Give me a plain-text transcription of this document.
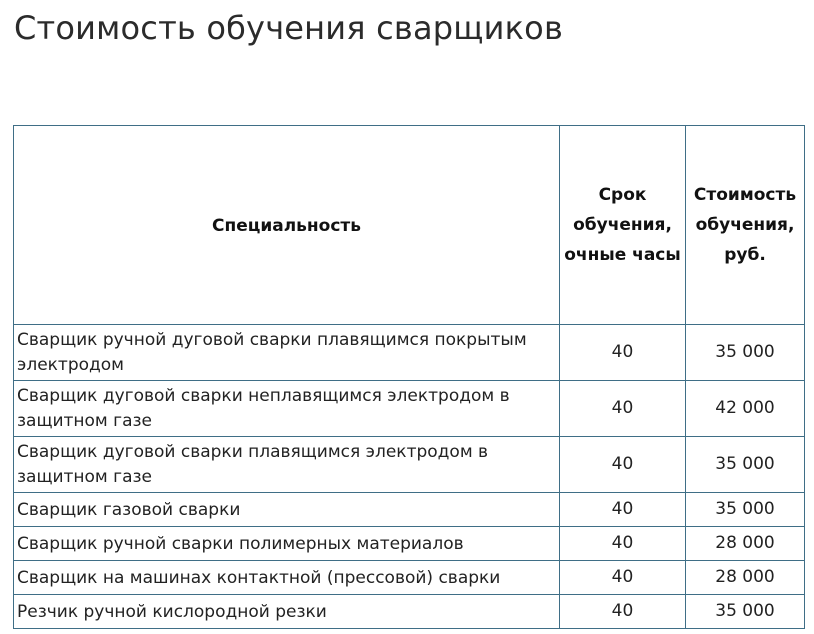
Стоимость обучения сварщиков
Специальность	Срок обучения, очные часы	Стоимость обучения, руб.
Сварщик ручной дуговой сварки плавящимся покрытым электродом	40	35 000
Сварщик дуговой сварки неплавящимся электродом в защитном газе	40	42 000
Сварщик дуговой сварки плавящимся электродом в защитном газе	40	35 000
Сварщик газовой сварки	40	35 000
Сварщик ручной сварки полимерных материалов	40	28 000
Сварщик на машинах контактной (прессовой) сварки	40	28 000
Резчик ручной кислородной резки	40	35 000
